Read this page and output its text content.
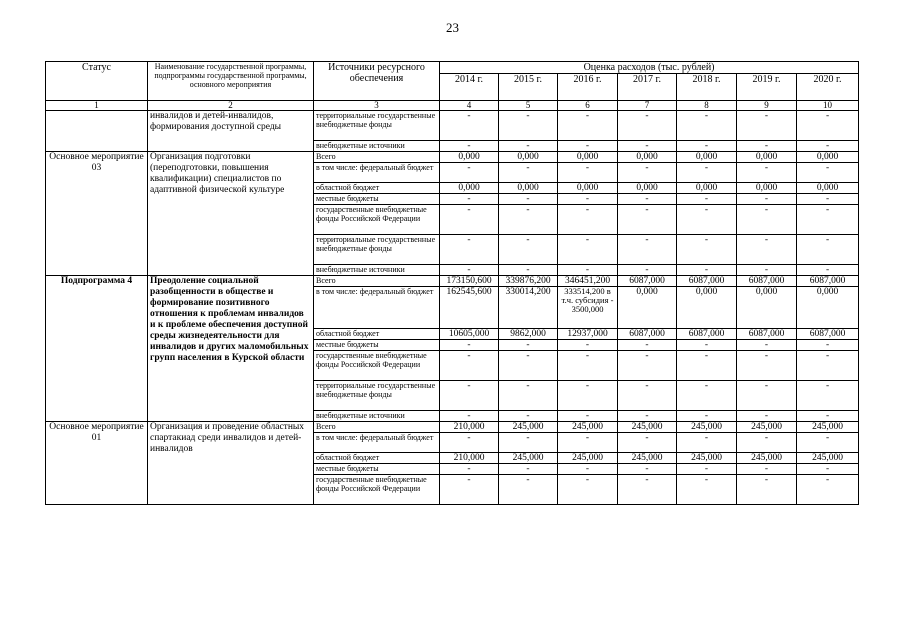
23
Статус	Наименование государственной программы, подпрограммы государственной программы, основного мероприятия	Источники ресурсного обеспечения	Оценка расходов (тыс. рублей)						
			2014 г.	2015 г.	2016 г.	2017 г.	2018 г.	2019 г.	2020 г.
1	2	3	4	5	6	7	8	9	10
	инвалидов и детей-инвалидов, формирования доступной среды	территориальные государственные внебюджетные фонды	-	-	-	-	-	-	-
		внебюджетные источники	-	-	-	-	-	-	-
Основное мероприятие 03	Организация подготовки (переподготовки, повышения квалификации) специалистов по адаптивной физической культуре	Всего	0,000	0,000	0,000	0,000	0,000	0,000	0,000
		в том числе: федеральный бюджет	-	-	-	-	-	-	-
		областной бюджет	0,000	0,000	0,000	0,000	0,000	0,000	0,000
		местные бюджеты	-	-	-	-	-	-	-
		государственные внебюджетные фонды Российской Федерации	-	-	-	-	-	-	-
		территориальные государственные внебюджетные фонды	-	-	-	-	-	-	-
		внебюджетные источники	-	-	-	-	-	-	-
Подпрограмма 4	Преодоление социальной разобщенности в обществе и формирование позитивного отношения к проблемам инвалидов и к проблеме обеспечения доступной среды жизнедеятельности для инвалидов и других маломобильных групп населения в Курской области	Всего	173150,600	339876,200	346451,200	6087,000	6087,000	6087,000	6087,000
		в том числе: федеральный бюджет	162545,600	330014,200	333514,200 в т.ч. субсидия - 3500,000	0,000	0,000	0,000	0,000
		областной бюджет	10605,000	9862,000	12937,000	6087,000	6087,000	6087,000	6087,000
		местные бюджеты	-	-	-	-	-	-	-
		государственные внебюджетные фонды Российской Федерации	-	-	-	-	-	-	-
		территориальные государственные внебюджетные фонды	-	-	-	-	-	-	-
		внебюджетные источники	-	-	-	-	-	-	-
Основное мероприятие 01	Организация и проведение областных спартакиад среди инвалидов и детей-инвалидов	Всего	210,000	245,000	245,000	245,000	245,000	245,000	245,000
		в том числе: федеральный бюджет	-	-	-	-	-	-	-
		областной бюджет	210,000	245,000	245,000	245,000	245,000	245,000	245,000
		местные бюджеты	-	-	-	-	-	-	-
		государственные внебюджетные фонды Российской Федерации	-	-	-	-	-	-	-
